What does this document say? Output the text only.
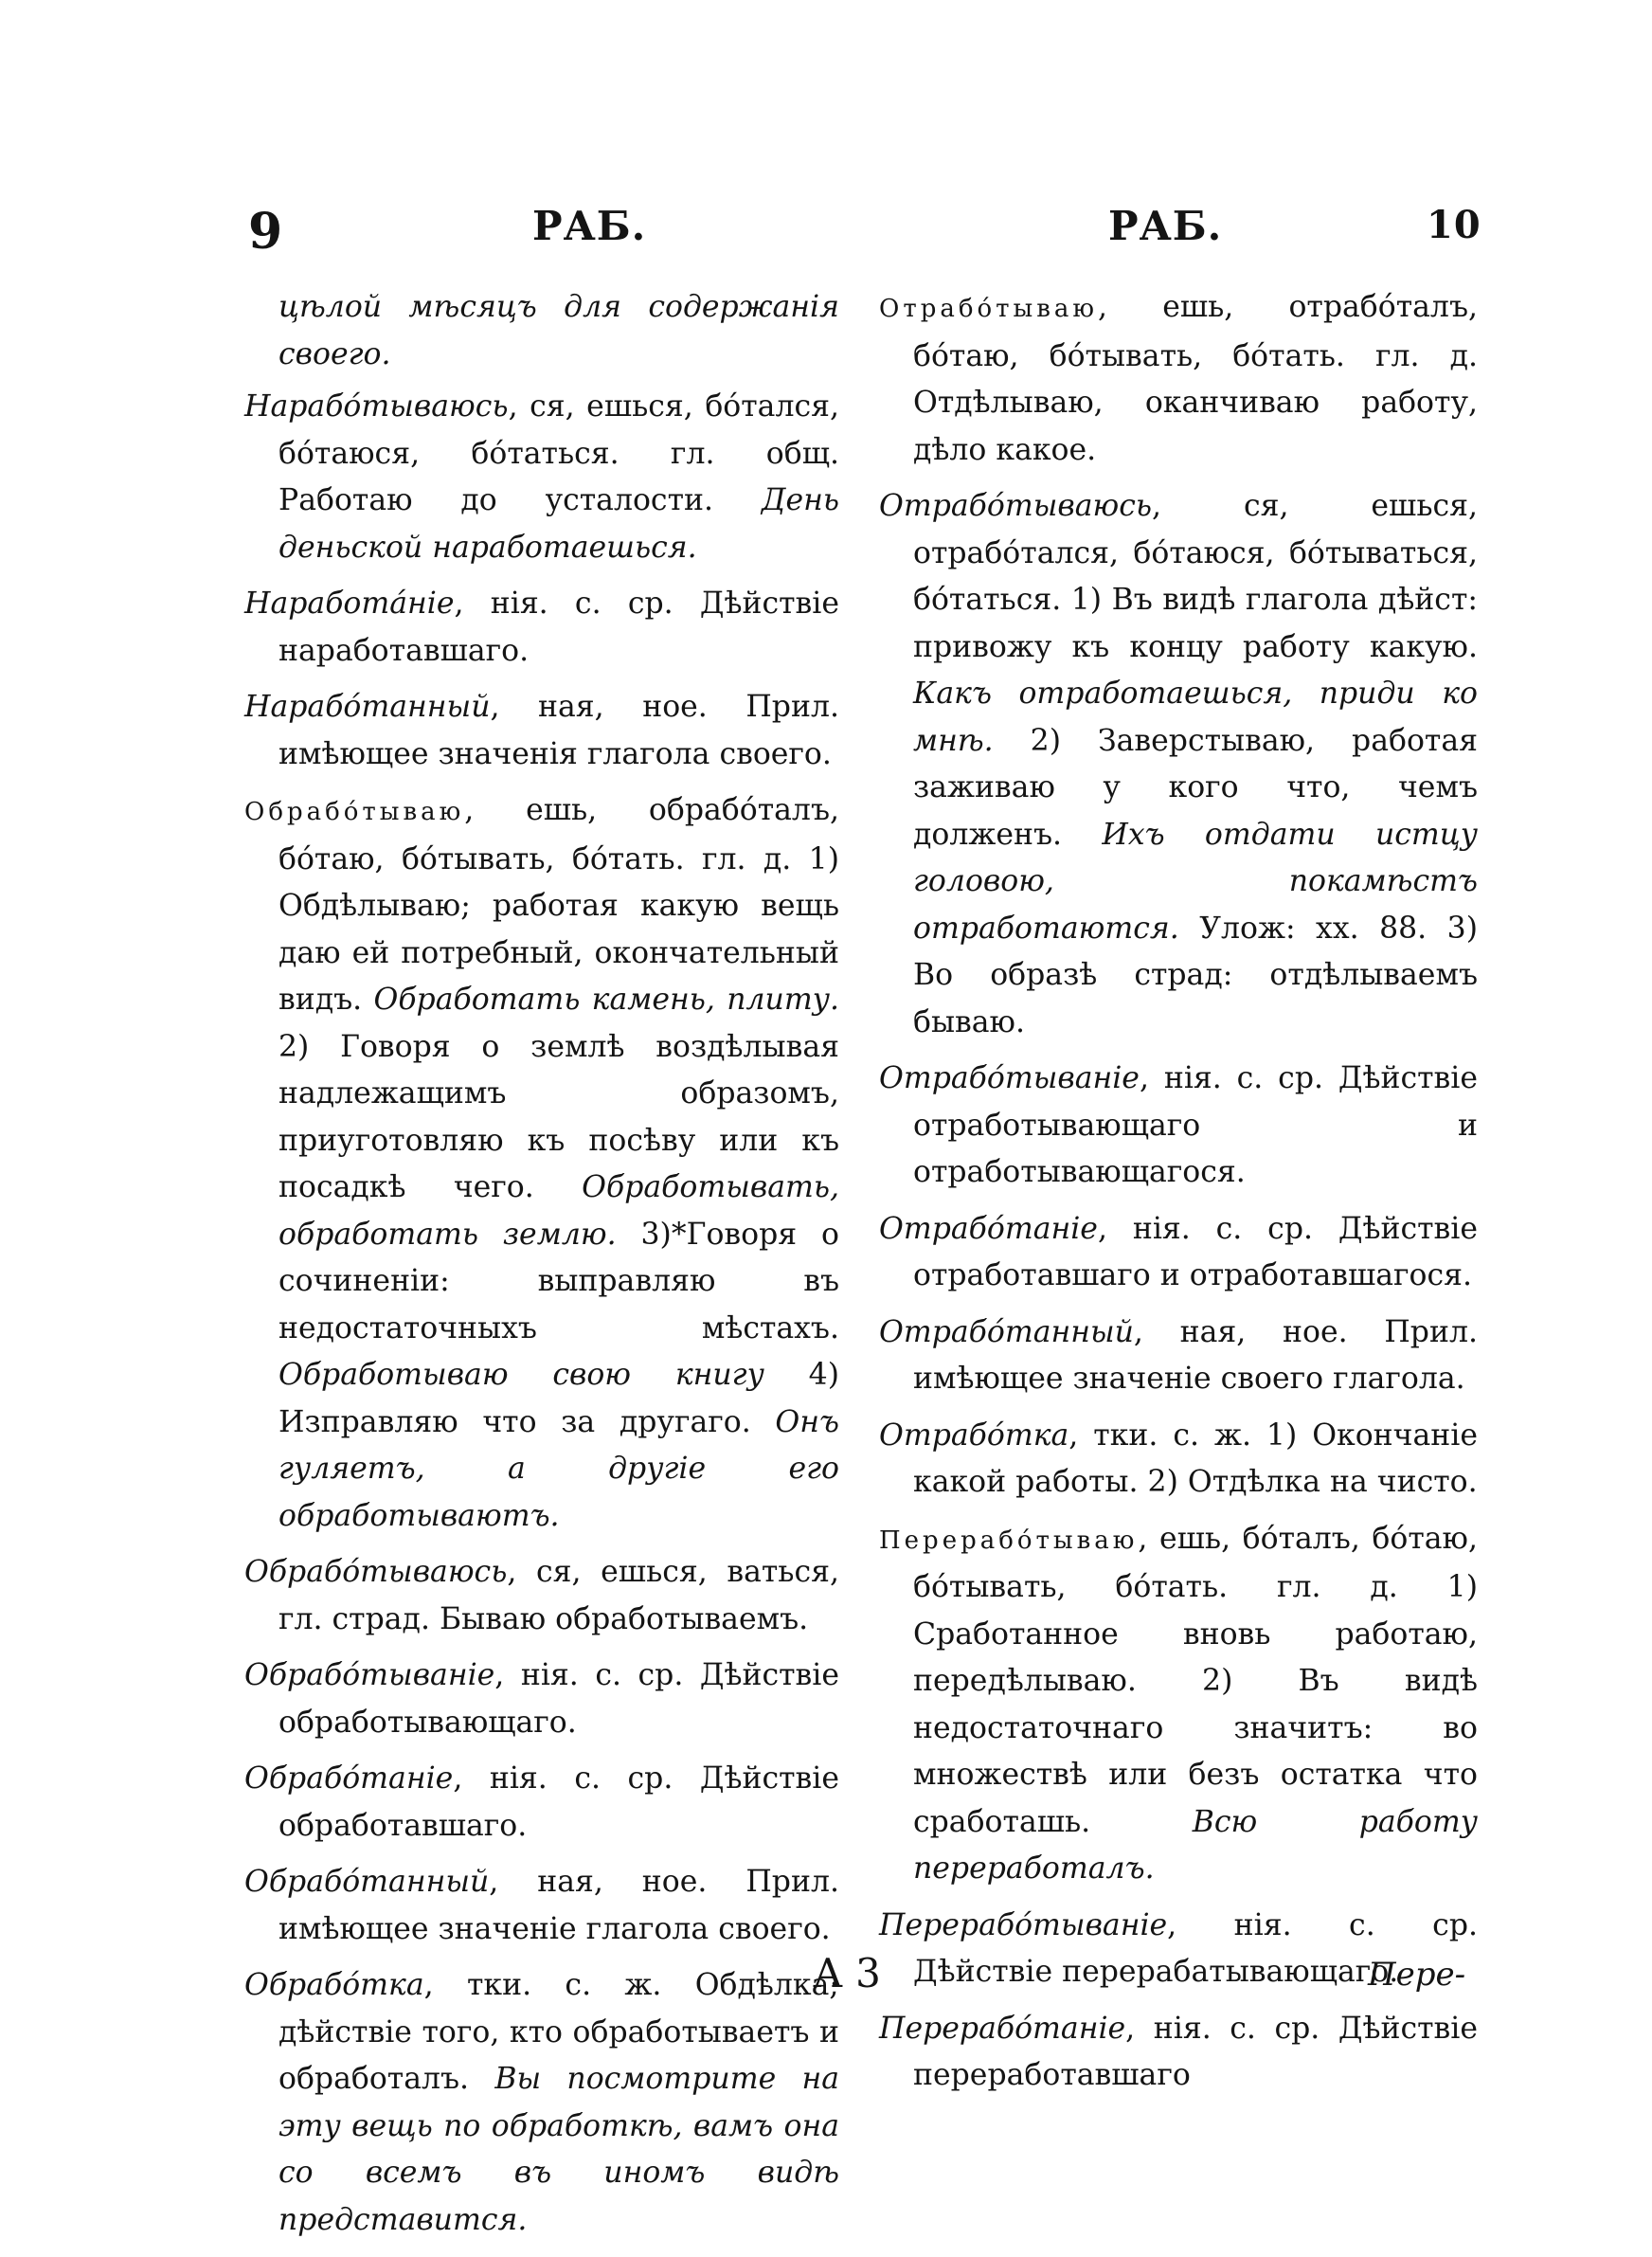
9	РАБ.	РАБ.	10

цѣлой мѣсяцъ для содержанія своего.

Нарабо́тываюсь, ся, ешься, бо́тался, бо́таюся, бо́таться. гл. общ. Работаю до усталости. День деньской наработаешься.

Наработа́ніе, нія. с. ср. Дѣйствіе наработавшаго.

Нарабо́танный, ная, ное. Прил. имѣющее значенія глагола своего.

Обрабо́тываю, ешь, обрабо́талъ, бо́таю, бо́тывать, бо́тать. гл. д. 1) Обдѣлываю; работая какую вещь даю ей потребный, окончательный видъ. Обработать камень, плиту. 2) Говоря о землѣ воздѣлывая надлежащимъ образомъ, приуготовляю къ посѣву или къ посадкѣ чего. Обработывать, обработать землю. 3)*Говоря о сочиненіи: выправляю въ недостаточныхъ мѣстахъ. Обработываю свою книгу 4) Изправляю что за другаго. Онъ гуляетъ, а другіе его обработываютъ.

Обрабо́тываюсь, ся, ешься, ваться, гл. страд. Бываю обработываемъ.

Обрабо́тываніе, нія. с. ср. Дѣйствіе обработывающаго.

Обрабо́таніе, нія. с. ср. Дѣйствіе обработавшаго.

Обрабо́танный, ная, ное. Прил. имѣющее значеніе глагола своего.

Обрабо́тка, тки. с. ж. Обдѣлка; дѣйствіе того, кто обработываетъ и обработалъ. Вы посмотрите на эту вещь по обработкѣ, вамъ она со всемъ въ иномъ видѣ представится.

Отрабо́тываю, ешь, отрабо́талъ, бо́таю, бо́тывать, бо́тать. гл. д. Отдѣлываю, оканчиваю работу, дѣло какое.

Отрабо́тываюсь, ся, ешься, отрабо́тался, бо́таюся, бо́тываться, бо́таться. 1) Въ видѣ глагола дѣйст: привожу къ концу работу какую. Какъ отработаешься, приди ко мнѣ. 2) Заверстываю, работая заживаю у кого что, чемъ долженъ. Ихъ отдати истцу головою, покамѣстъ отработаются. Улож: хх. 88. 3) Во образѣ страд: отдѣлываемъ бываю.

Отрабо́тываніе, нія. с. ср. Дѣйствіе отработывающаго и отработывающагося.

Отрабо́таніе, нія. с. ср. Дѣйствіе отработавшаго и отработавшагося.

Отрабо́танный, ная, ное. Прил. имѣющее значеніе своего глагола.

Отрабо́тка, тки. с. ж. 1) Окончаніе какой работы. 2) Отдѣлка на чисто.

Перерабо́тываю, ешь, бо́талъ, бо́таю, бо́тывать, бо́тать. гл. д. 1) Сработанное вновь работаю, передѣлываю. 2) Въ видѣ недостаточнаго значитъ: во множествѣ или безъ остатка что сработашь.	Всю работу переработалъ.

Перерабо́тываніе, нія. с. ср. Дѣйствіе перерабатывающаго.

Перерабо́таніе, нія. с. ср. Дѣйствіе переработавшаго

А 3	Пере-
